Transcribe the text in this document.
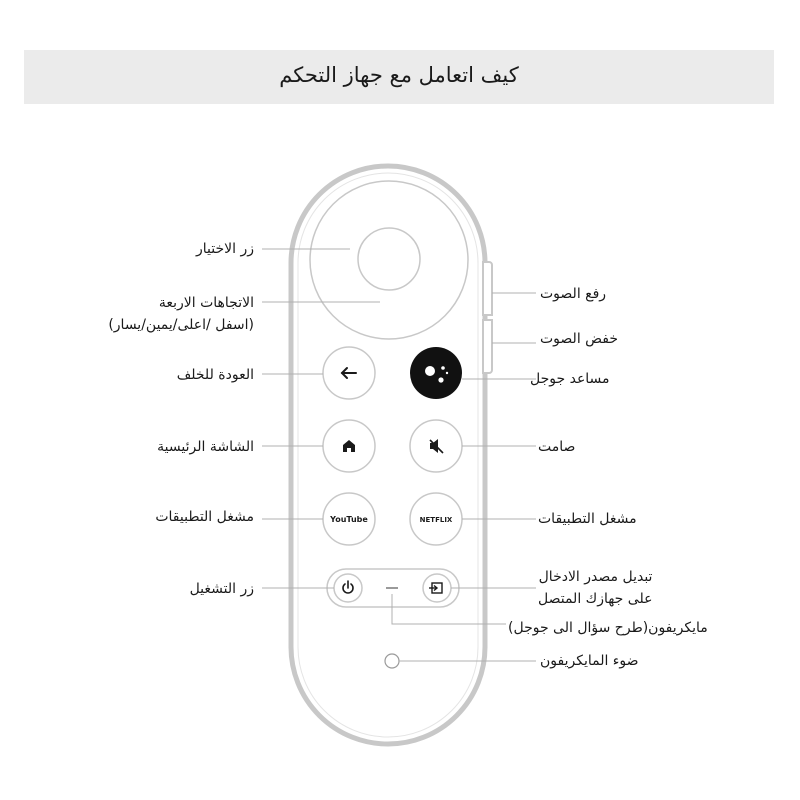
كيف اتعامل مع جهاز التحكم
YouTube	NETFLIX
زر الاختيار
الاتجاهات الاربعة
(اسفل /اعلى/يمين/يسار)
العودة للخلف
الشاشة الرئيسية
مشغل التطبيقات
زر التشغيل
رفع الصوت
خفض الصوت
مساعد جوجل
صامت
مشغل التطبيقات
تبديل مصدر الادخال
على جهازك المتصل
مايكريفون(طرح سؤال الى جوجل)
ضوء المايكريفون
